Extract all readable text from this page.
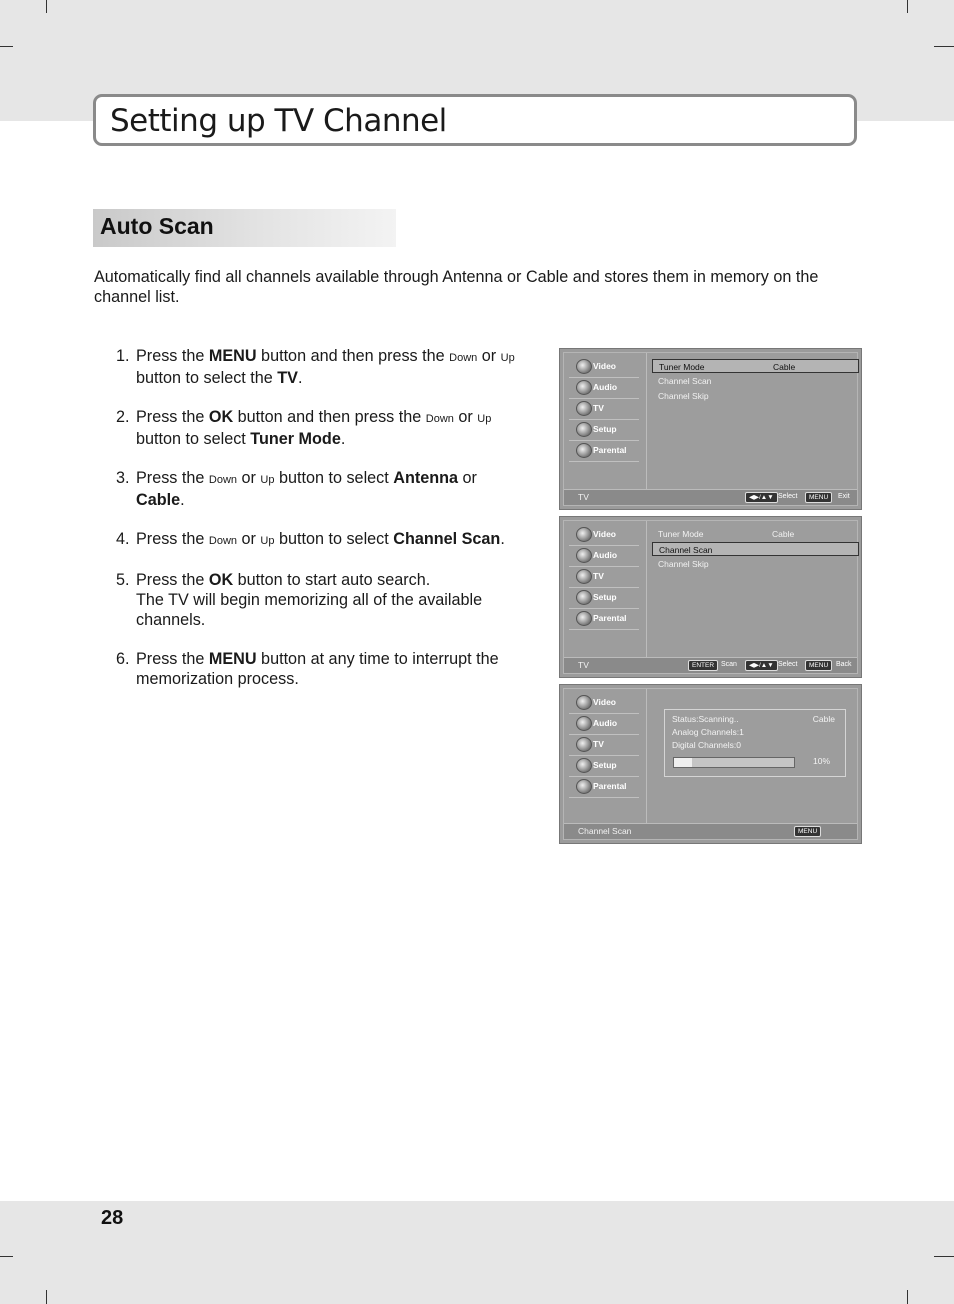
Setting up TV Channel
Auto Scan
Automatically find all channels available through Antenna or Cable and stores them in memory on the channel list.
1. Press the MENU button and then press the Down or Up button to select the TV.
2. Press the OK button and then press the Down or Up button to select Tuner Mode.
3. Press the Down or Up button to select Antenna or Cable.
4. Press the Down or Up button to select Channel Scan.
5. Press the OK button to start auto search.
The TV will begin memorizing all of the available channels.
6. Press the MENU button at any time to interrupt the memorization process.
Video
Audio
TV
Setup
Parental
Tuner Mode	Cable
Channel Scan
Channel Skip
TV	◀▶/▲▼ Select	MENU	Exit
Video
Audio
TV
Setup
Parental
Tuner Mode	Cable
Channel Scan
Channel Skip
TV	ENTER Scan	◀▶/▲▼ Select	MENU	Back
Video
Audio
TV
Setup
Parental
Status:Scanning..	Cable
Analog Channels:1
Digital Channels:0
10%
Channel Scan	MENU
28
